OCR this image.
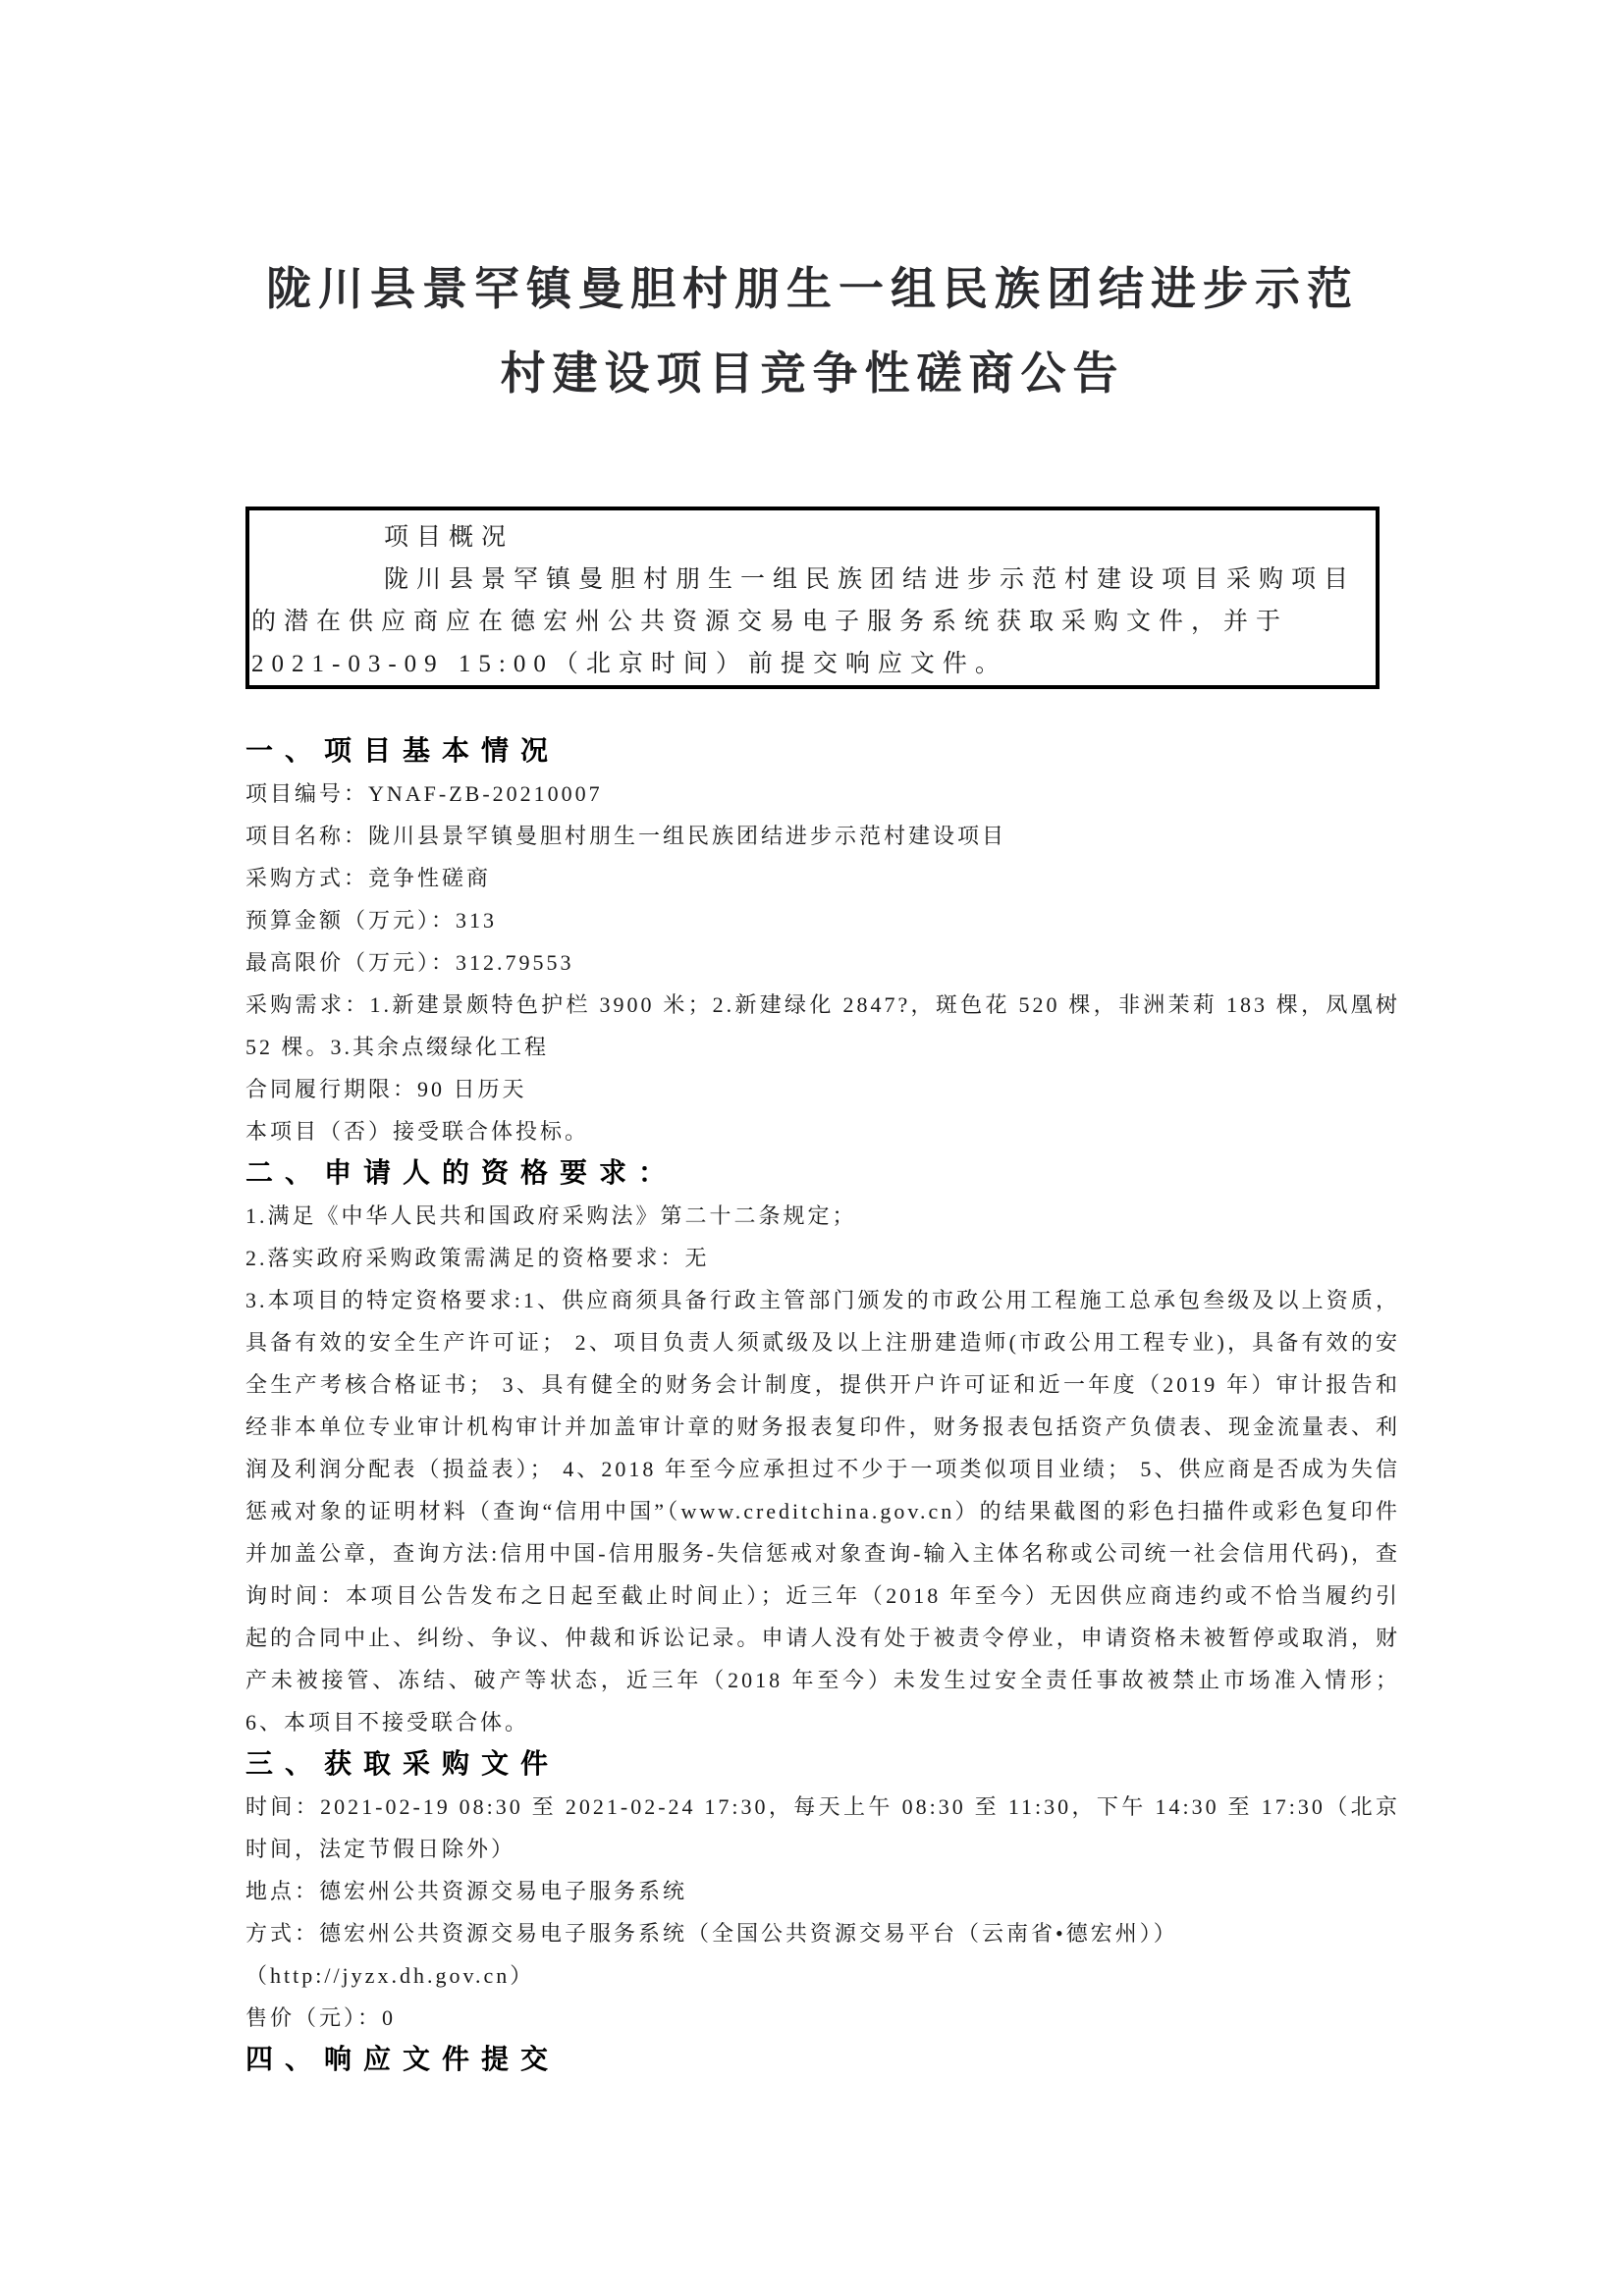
陇川县景罕镇曼胆村朋生一组民族团结进步示范
村建设项目竞争性磋商公告

项目概况

陇川县景罕镇曼胆村朋生一组民族团结进步示范村建设项目采购项目的潜在供应商应在德宏州公共资源交易电子服务系统获取采购文件，并于2021-03-09 15:00（北京时间）前提交响应文件。

一、项目基本情况

项目编号：YNAF-ZB-20210007

项目名称：陇川县景罕镇曼胆村朋生一组民族团结进步示范村建设项目

采购方式：竞争性磋商

预算金额（万元）：313

最高限价（万元）：312.79553

采购需求：1.新建景颇特色护栏 3900 米；2.新建绿化 2847?，斑色花 520 棵，非洲茉莉 183 棵，凤凰树 52 棵。3.其余点缀绿化工程

合同履行期限：90 日历天

本项目（否）接受联合体投标。

二、申请人的资格要求：

1.满足《中华人民共和国政府采购法》第二十二条规定；

2.落实政府采购政策需满足的资格要求：无

3.本项目的特定资格要求:1、供应商须具备行政主管部门颁发的市政公用工程施工总承包叁级及以上资质，具备有效的安全生产许可证； 2、项目负责人须贰级及以上注册建造师(市政公用工程专业)，具备有效的安全生产考核合格证书； 3、具有健全的财务会计制度，提供开户许可证和近一年度（2019 年）审计报告和经非本单位专业审计机构审计并加盖审计章的财务报表复印件，财务报表包括资产负债表、现金流量表、利润及利润分配表（损益表）； 4、2018 年至今应承担过不少于一项类似项目业绩； 5、供应商是否成为失信惩戒对象的证明材料（查询“信用中国”（www.creditchina.gov.cn）的结果截图的彩色扫描件或彩色复印件并加盖公章，查询方法:信用中国-信用服务-失信惩戒对象查询-输入主体名称或公司统一社会信用代码)，查询时间：本项目公告发布之日起至截止时间止）；近三年（2018 年至今）无因供应商违约或不恰当履约引起的合同中止、纠纷、争议、仲裁和诉讼记录。申请人没有处于被责令停业，申请资格未被暂停或取消，财产未被接管、冻结、破产等状态，近三年（2018 年至今）未发生过安全责任事故被禁止市场准入情形； 6、本项目不接受联合体。

三、获取采购文件

时间：2021-02-19 08:30 至 2021-02-24 17:30，每天上午 08:30 至 11:30，下午 14:30 至 17:30（北京时间，法定节假日除外）

地点：德宏州公共资源交易电子服务系统

方式：德宏州公共资源交易电子服务系统（全国公共资源交易平台（云南省•德宏州））

（http://jyzx.dh.gov.cn）

售价（元）：0

四、响应文件提交
